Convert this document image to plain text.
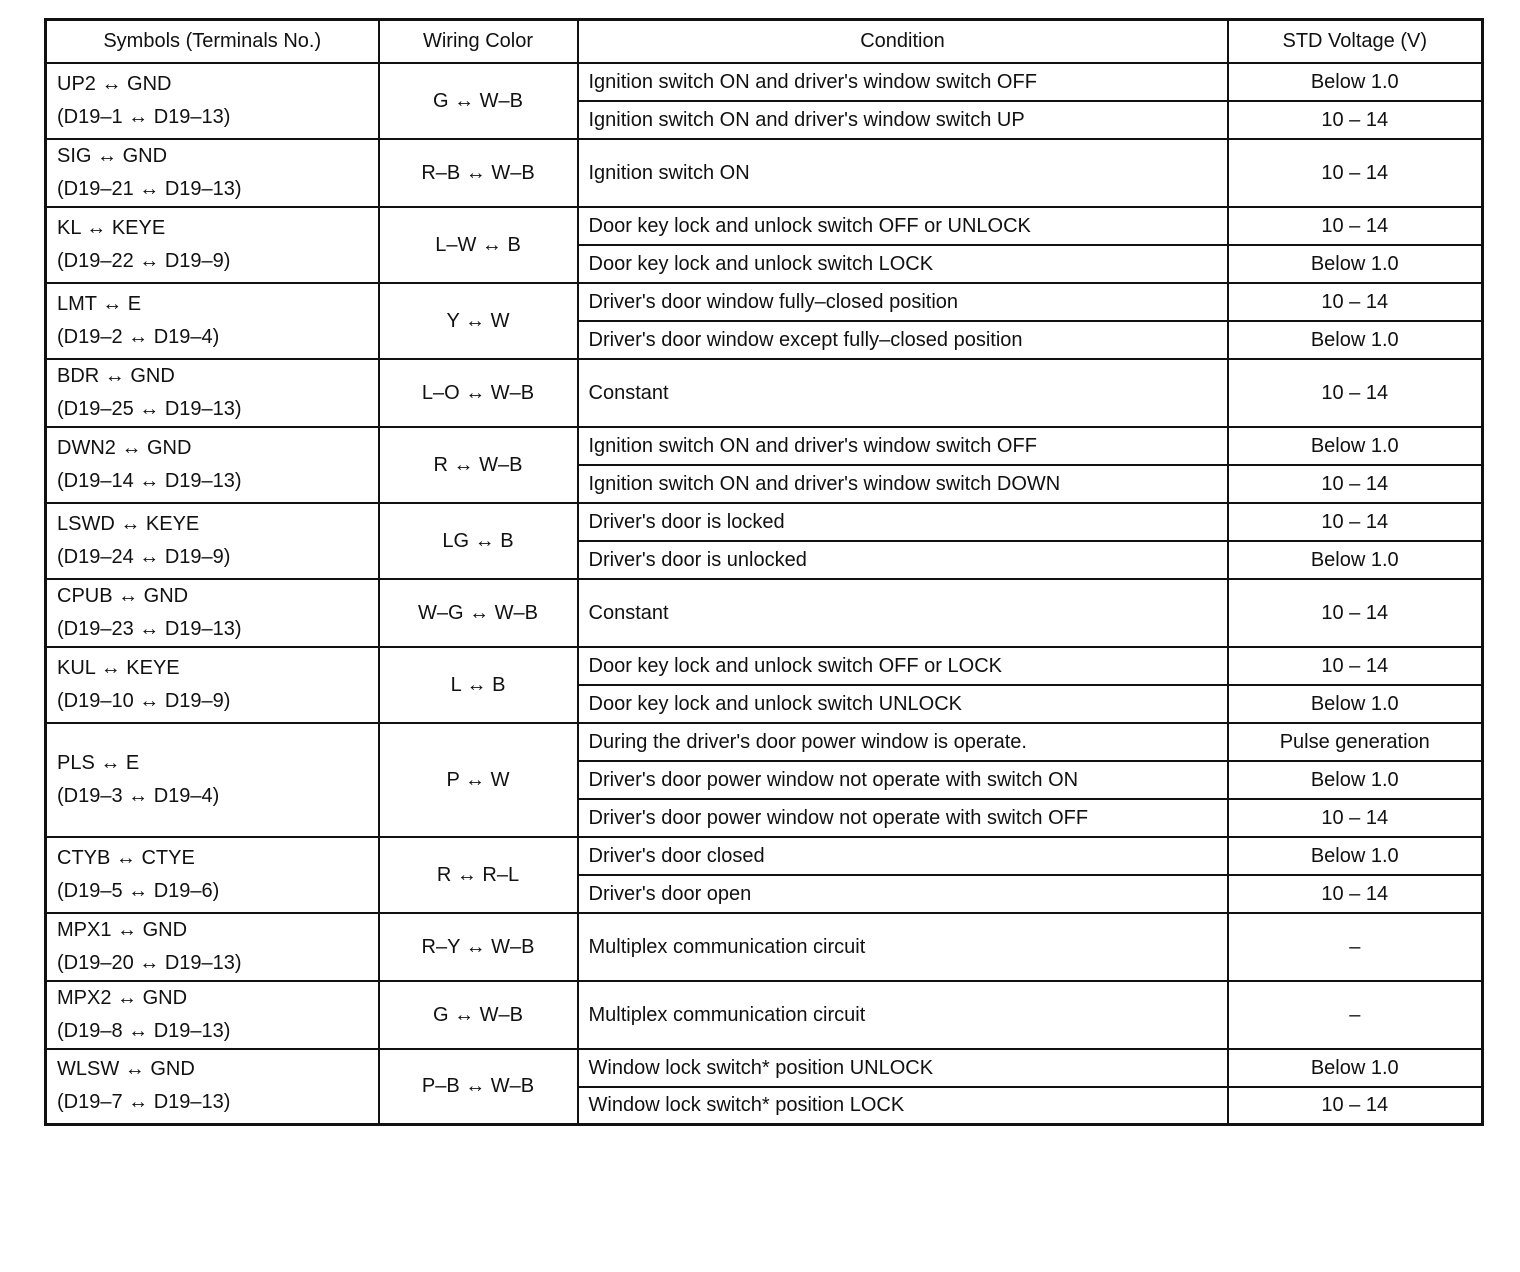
Symbols (Terminals No.)	Wiring Color	Condition	STD Voltage (V)

UP2 ↔ GND
(D19–1 ↔ D19–13)	G ↔ W–B	Ignition switch ON and driver's window switch OFF	Below 1.0
		Ignition switch ON and driver's window switch UP	10 – 14

SIG ↔ GND
(D19–21 ↔ D19–13)	R–B ↔ W–B	Ignition switch ON	10 – 14

KL ↔ KEYE
(D19–22 ↔ D19–9)	L–W ↔ B	Door key lock and unlock switch OFF or UNLOCK	10 – 14
		Door key lock and unlock switch LOCK	Below 1.0

LMT ↔ E
(D19–2 ↔ D19–4)	Y ↔ W	Driver's door window fully–closed position	10 – 14
		Driver's door window except fully–closed position	Below 1.0

BDR ↔ GND
(D19–25 ↔ D19–13)	L–O ↔ W–B	Constant	10 – 14

DWN2 ↔ GND
(D19–14 ↔ D19–13)	R ↔ W–B	Ignition switch ON and driver's window switch OFF	Below 1.0
		Ignition switch ON and driver's window switch DOWN	10 – 14

LSWD ↔ KEYE
(D19–24 ↔ D19–9)	LG ↔ B	Driver's door is locked	10 – 14
		Driver's door is unlocked	Below 1.0

CPUB ↔ GND
(D19–23 ↔ D19–13)	W–G ↔ W–B	Constant	10 – 14

KUL ↔ KEYE
(D19–10 ↔ D19–9)	L ↔ B	Door key lock and unlock switch OFF or LOCK	10 – 14
		Door key lock and unlock switch UNLOCK	Below 1.0

PLS ↔ E
(D19–3 ↔ D19–4)	P ↔ W	During the driver's door power window is operate.	Pulse generation
		Driver's door power window not operate with switch ON	Below 1.0
		Driver's door power window not operate with switch OFF	10 – 14

CTYB ↔ CTYE
(D19–5 ↔ D19–6)	R ↔ R–L	Driver's door closed	Below 1.0
		Driver's door open	10 – 14

MPX1 ↔ GND
(D19–20 ↔ D19–13)	R–Y ↔ W–B	Multiplex communication circuit	–

MPX2 ↔ GND
(D19–8 ↔ D19–13)	G ↔ W–B	Multiplex communication circuit	–

WLSW ↔ GND
(D19–7 ↔ D19–13)	P–B ↔ W–B	Window lock switch* position UNLOCK	Below 1.0
		Window lock switch* position LOCK	10 – 14
